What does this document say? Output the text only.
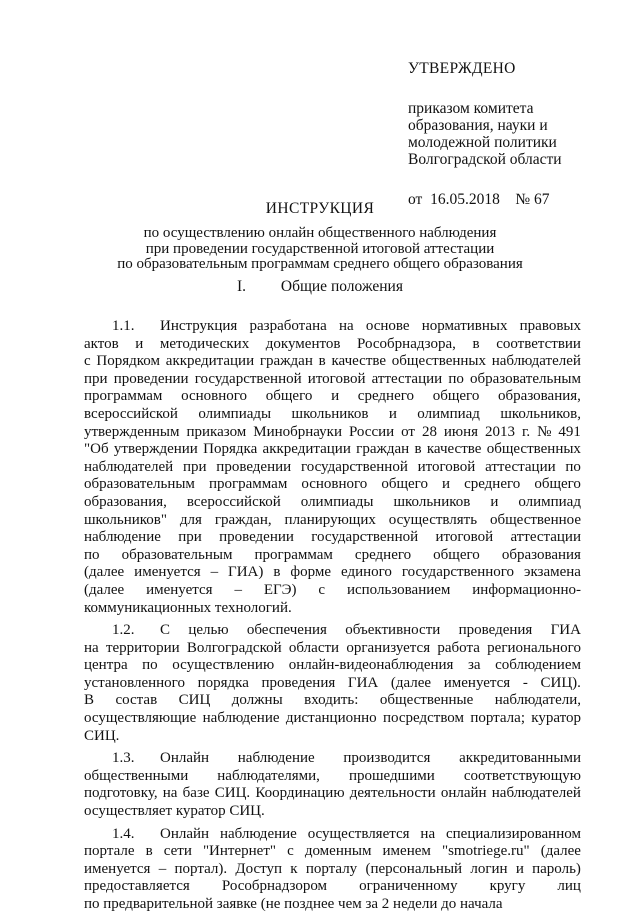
УТВЕРЖДЕНО
приказом комитета
образования, науки и
молодежной политики
Волгоградской области
от  16.05.2018    № 67
ИНСТРУКЦИЯ
по осуществлению онлайн общественного наблюдения
при проведении государственной итоговой аттестации
по образовательным программам среднего общего образования
I. Общие положения
1.1.	Инструкция разработана на основе нормативных правовых
актов и методических документов Рособрнадзора, в соответствии
с Порядком аккредитации граждан в качестве общественных наблюдателей
при проведении государственной итоговой аттестации по образовательным
программам основного общего и среднего общего образования,
всероссийской олимпиады школьников и олимпиад школьников,
утвержденным приказом Минобрнауки России от 28 июня 2013 г. № 491
"Об утверждении Порядка аккредитации граждан в качестве общественных
наблюдателей при проведении государственной итоговой аттестации по
образовательным программам основного общего и среднего общего
образования, всероссийской олимпиады школьников и олимпиад
школьников" для граждан, планирующих осуществлять общественное
наблюдение при проведении государственной итоговой аттестации
по образовательным программам среднего общего образования
(далее именуется – ГИА) в форме единого государственного экзамена
(далее именуется – ЕГЭ) с использованием информационно-
коммуникационных технологий.
1.2.	С целью обеспечения объективности проведения ГИА
на территории Волгоградской области организуется работа регионального
центра по осуществлению онлайн-видеонаблюдения за соблюдением
установленного порядка проведения ГИА (далее именуется - СИЦ).
В состав СИЦ должны входить: общественные наблюдатели,
осуществляющие наблюдение дистанционно посредством портала; куратор
СИЦ.
1.3.	Онлайн наблюдение производится аккредитованными
общественными наблюдателями, прошедшими соответствующую
подготовку, на базе СИЦ. Координацию деятельности онлайн наблюдателей
осуществляет куратор СИЦ.
1.4.	Онлайн наблюдение осуществляется на специализированном
портале в сети "Интернет" с доменным именем "smotriege.ru" (далее
именуется – портал). Доступ к порталу (персональный логин и пароль)
предоставляется Рособрнадзором ограниченному кругу лиц
по предварительной заявке (не позднее чем за 2 недели до начала
